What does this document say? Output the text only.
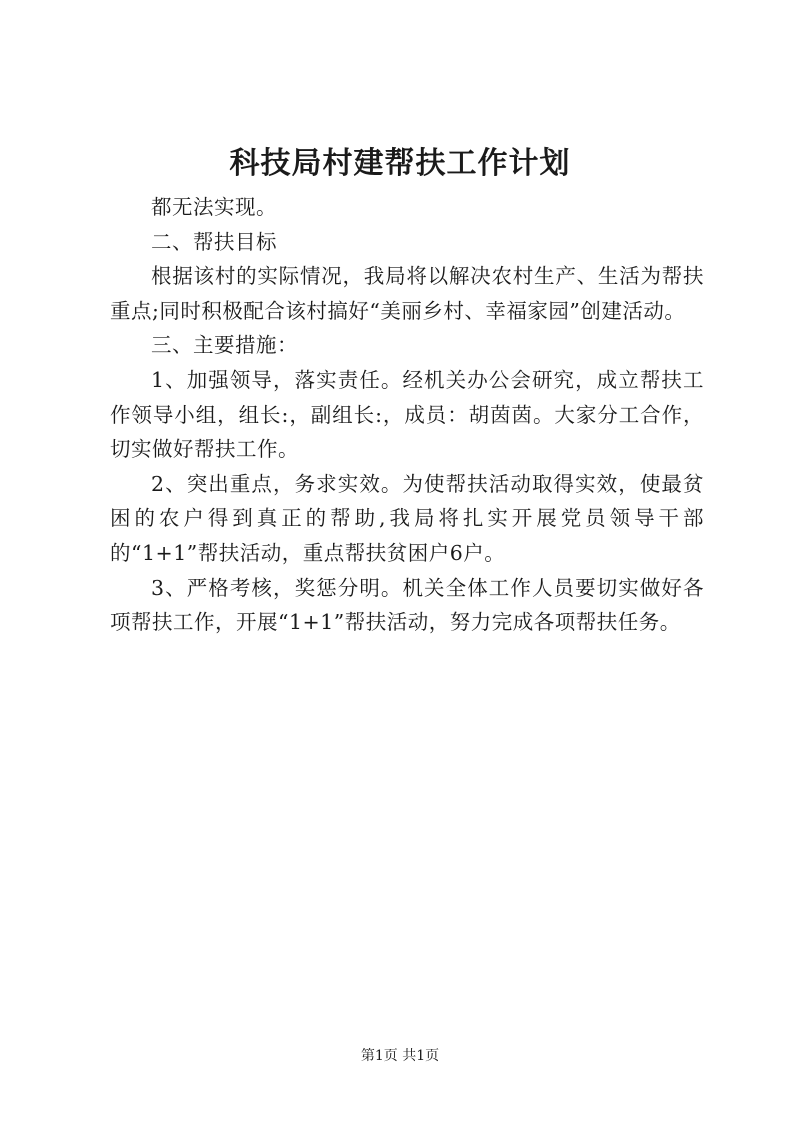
科技局村建帮扶工作计划

都无法实现。

二、帮扶目标

根据该村的实际情况，我局将以解决农村生产、生活为帮扶重点;同时积极配合该村搞好“美丽乡村、幸福家园”创建活动。

三、主要措施：

1、加强领导，落实责任。经机关办公会研究，成立帮扶工作领导小组，组长:，副组长:，成员：胡茵茵。大家分工合作，切实做好帮扶工作。

2、突出重点，务求实效。为使帮扶活动取得实效，使最贫困的农户得到真正的帮助,我局将扎实开展党员领导干部的“1+1”帮扶活动，重点帮扶贫困户6户。

3、严格考核，奖惩分明。机关全体工作人员要切实做好各项帮扶工作，开展“1+1”帮扶活动，努力完成各项帮扶任务。

第1页 共1页
